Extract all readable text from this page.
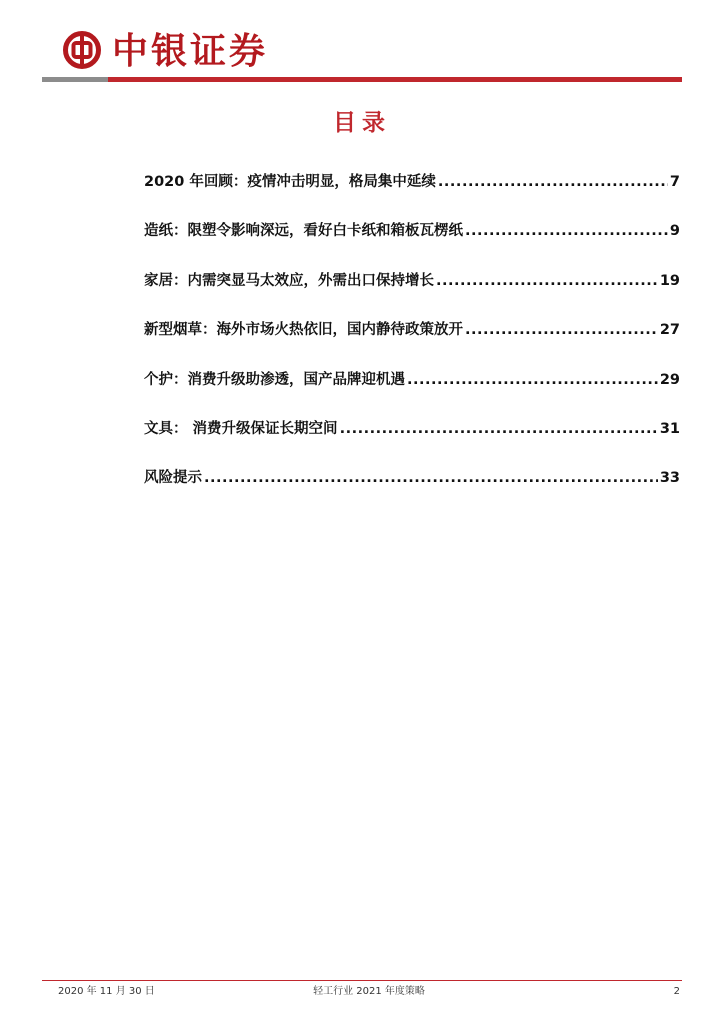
中银证券
目录
2020 年回顾：疫情冲击明显，格局集中延续 .....	7
造纸：限塑令影响深远，看好白卡纸和箱板瓦楞纸 .....	9
家居：内需突显马太效应，外需出口保持增长 .....	19
新型烟草：海外市场火热依旧，国内静待政策放开 .....	27
个护：消费升级助渗透，国产品牌迎机遇 .....	29
文具： 消费升级保证长期空间 .....	31
风险提示 .....	33
2020 年 11 月 30 日	轻工行业 2021 年度策略	2
